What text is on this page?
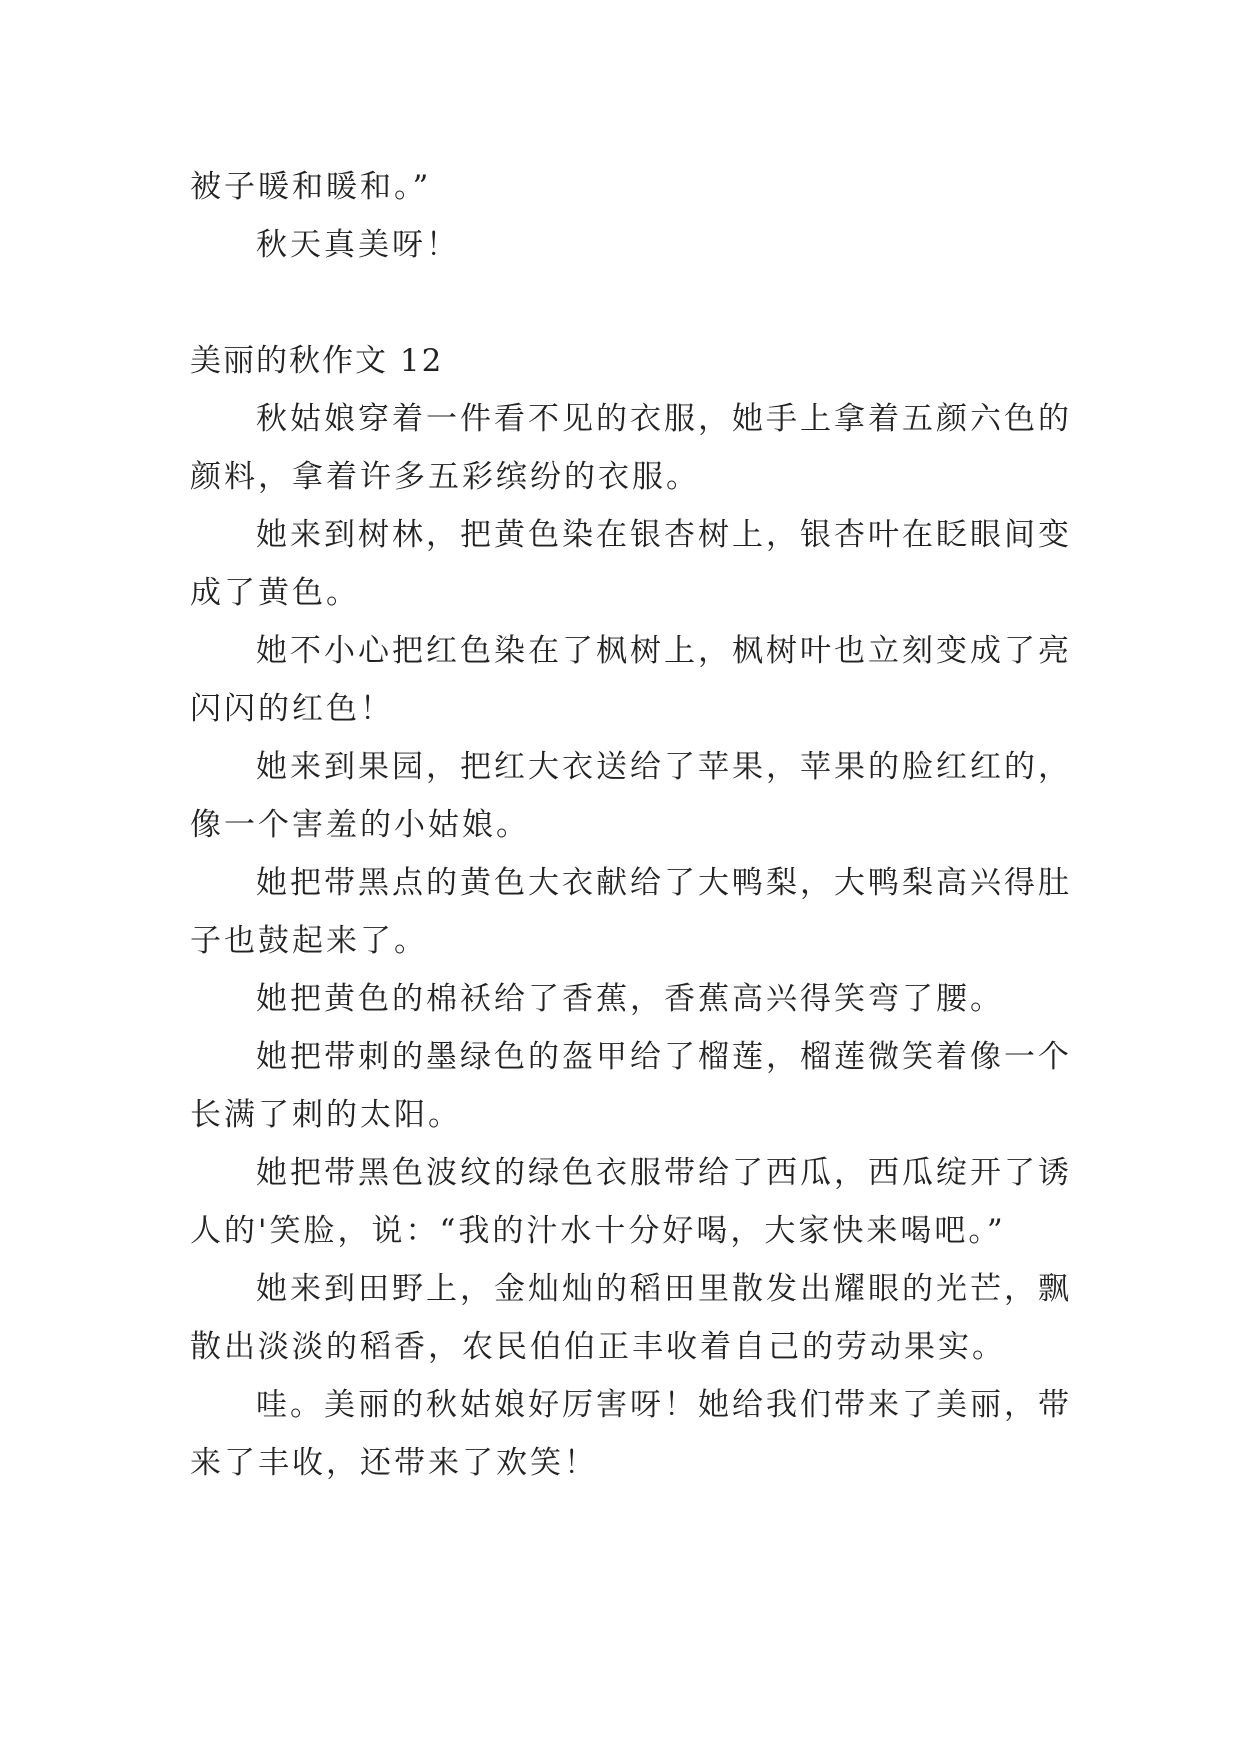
被子暖和暖和。”
秋天真美呀！
美丽的秋作文 12
秋姑娘穿着一件看不见的衣服，她手上拿着五颜六色的
颜料，拿着许多五彩缤纷的衣服。
她来到树林，把黄色染在银杏树上，银杏叶在眨眼间变
成了黄色。
她不小心把红色染在了枫树上，枫树叶也立刻变成了亮
闪闪的红色！
她来到果园，把红大衣送给了苹果，苹果的脸红红的，
像一个害羞的小姑娘。
她把带黑点的黄色大衣献给了大鸭梨，大鸭梨高兴得肚
子也鼓起来了。
她把黄色的棉袄给了香蕉，香蕉高兴得笑弯了腰。
她把带刺的墨绿色的盔甲给了榴莲，榴莲微笑着像一个
长满了刺的太阳。
她把带黑色波纹的绿色衣服带给了西瓜，西瓜绽开了诱
人的'笑脸，说：“我的汁水十分好喝，大家快来喝吧。”
她来到田野上，金灿灿的稻田里散发出耀眼的光芒，飘
散出淡淡的稻香，农民伯伯正丰收着自己的劳动果实。
哇。美丽的秋姑娘好厉害呀！她给我们带来了美丽，带
来了丰收，还带来了欢笑！
